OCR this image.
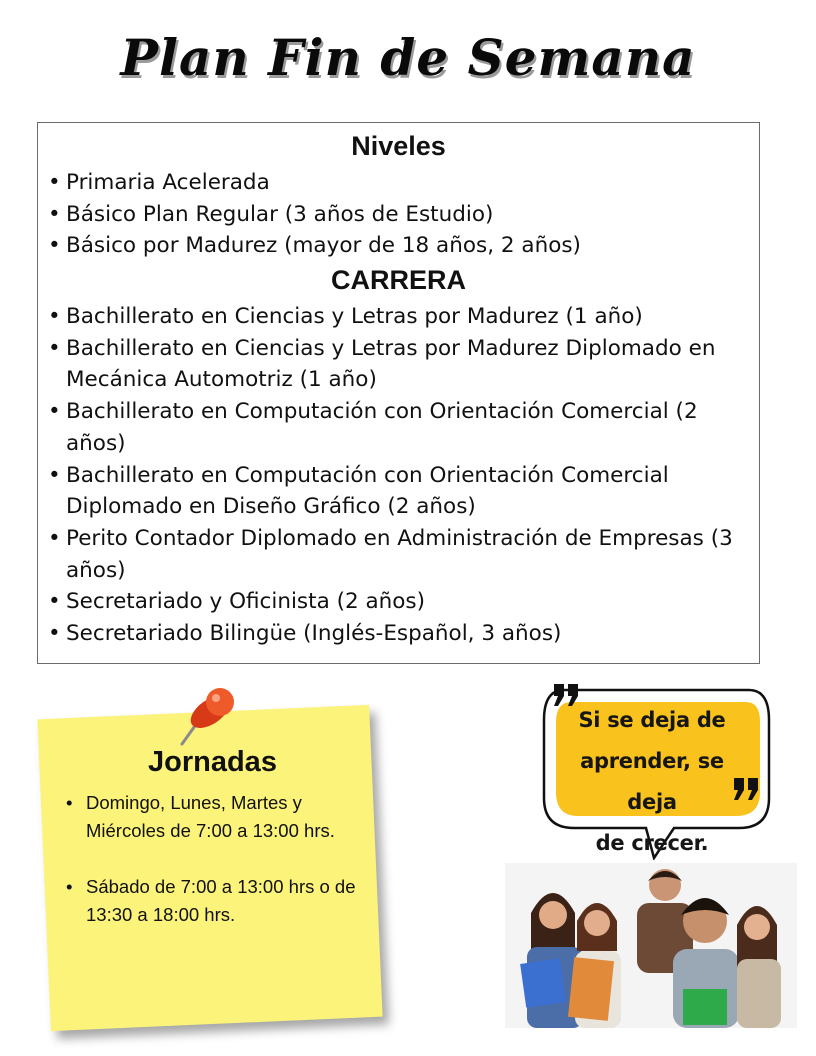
Plan Fin de Semana
Niveles
• Primaria Acelerada
• Básico Plan Regular (3 años de Estudio)
• Básico por Madurez (mayor de 18 años, 2 años)
CARRERA
• Bachillerato en Ciencias y Letras por Madurez (1 año)
• Bachillerato en Ciencias y Letras por Madurez Diplomado en Mecánica Automotriz (1 año)
• Bachillerato en Computación con Orientación Comercial (2 años)
• Bachillerato en Computación con Orientación Comercial Diplomado en Diseño Gráfico (2 años)
• Perito Contador Diplomado en Administración de Empresas (3 años)
• Secretariado y Oficinista (2 años)
• Secretariado Bilingüe (Inglés-Español, 3 años)
Jornadas
• Domingo, Lunes, Martes y Miércoles de 7:00 a 13:00 hrs.
• Sábado de 7:00 a 13:00 hrs o de 13:30 a 18:00 hrs.
Si se deja de
aprender, se deja
de crecer.
